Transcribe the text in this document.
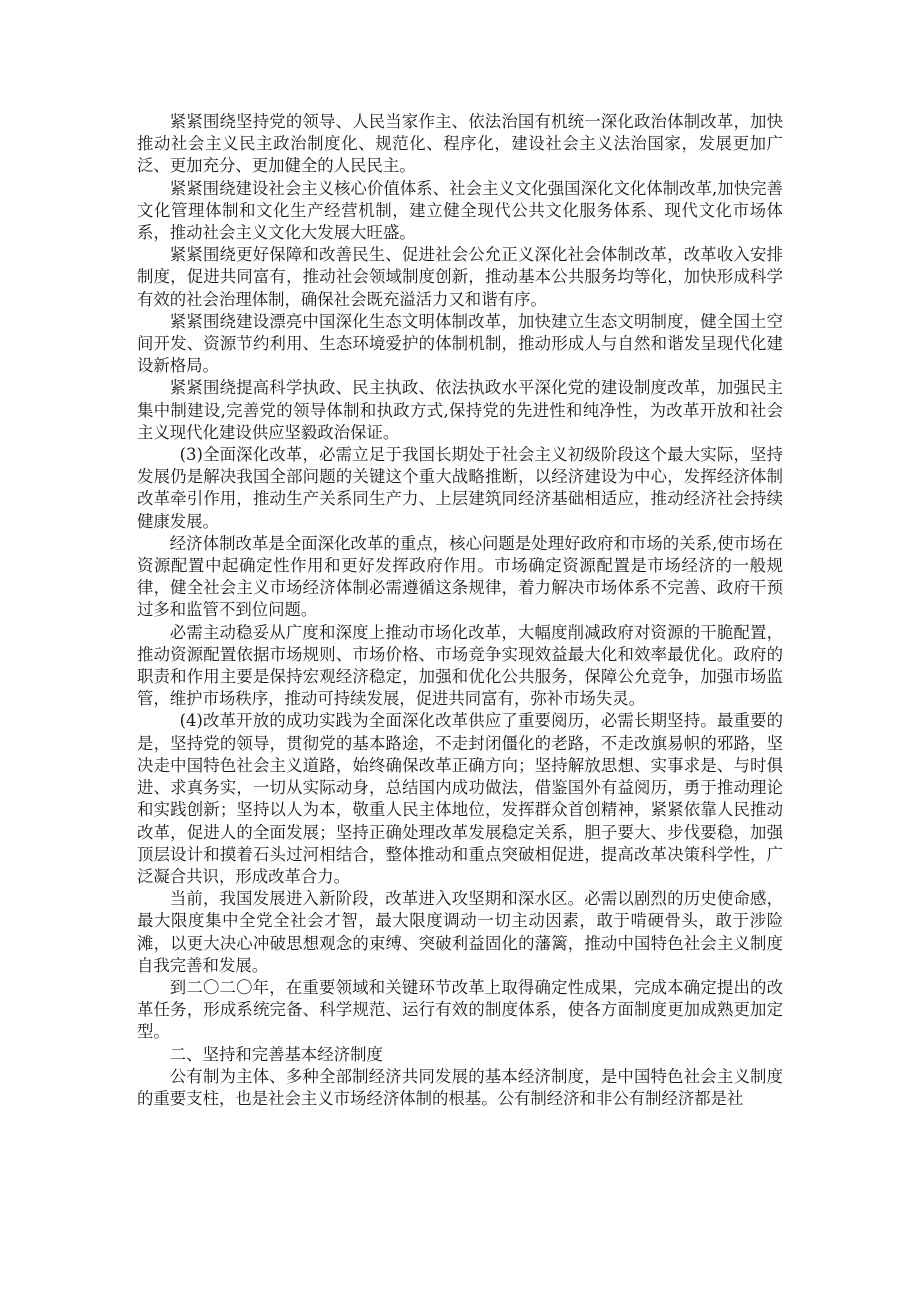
紧紧围绕坚持党的领导、人民当家作主、依法治国有机统一深化政治体制改革，加快推动社会主义民主政治制度化、规范化、程序化，建设社会主义法治国家，发展更加广泛、更加充分、更加健全的人民民主。

紧紧围绕建设社会主义核心价值体系、社会主义文化强国深化文化体制改革,加快完善文化管理体制和文化生产经营机制，建立健全现代公共文化服务体系、现代文化市场体系，推动社会主义文化大发展大旺盛。

紧紧围绕更好保障和改善民生、促进社会公允正义深化社会体制改革，改革收入安排制度，促进共同富有，推动社会领域制度创新，推动基本公共服务均等化，加快形成科学有效的社会治理体制，确保社会既充溢活力又和谐有序。

紧紧围绕建设漂亮中国深化生态文明体制改革，加快建立生态文明制度，健全国土空间开发、资源节约利用、生态环境爱护的体制机制，推动形成人与自然和谐发呈现代化建设新格局。

紧紧围绕提高科学执政、民主执政、依法执政水平深化党的建设制度改革，加强民主集中制建设,完善党的领导体制和执政方式,保持党的先进性和纯净性，为改革开放和社会主义现代化建设供应坚毅政治保证。

(3)全面深化改革，必需立足于我国长期处于社会主义初级阶段这个最大实际，坚持发展仍是解决我国全部问题的关键这个重大战略推断，以经济建设为中心，发挥经济体制改革牵引作用，推动生产关系同生产力、上层建筑同经济基础相适应，推动经济社会持续健康发展。

经济体制改革是全面深化改革的重点，核心问题是处理好政府和市场的关系,使市场在资源配置中起确定性作用和更好发挥政府作用。市场确定资源配置是市场经济的一般规律，健全社会主义市场经济体制必需遵循这条规律，着力解决市场体系不完善、政府干预过多和监管不到位问题。

必需主动稳妥从广度和深度上推动市场化改革，大幅度削减政府对资源的干脆配置，推动资源配置依据市场规则、市场价格、市场竞争实现效益最大化和效率最优化。政府的职责和作用主要是保持宏观经济稳定，加强和优化公共服务，保障公允竞争，加强市场监管，维护市场秩序，推动可持续发展，促进共同富有，弥补市场失灵。

(4)改革开放的成功实践为全面深化改革供应了重要阅历，必需长期坚持。最重要的是，坚持党的领导，贯彻党的基本路途，不走封闭僵化的老路，不走改旗易帜的邪路，坚决走中国特色社会主义道路，始终确保改革正确方向；坚持解放思想、实事求是、与时俱进、求真务实，一切从实际动身，总结国内成功做法，借鉴国外有益阅历，勇于推动理论和实践创新；坚持以人为本，敬重人民主体地位，发挥群众首创精神，紧紧依靠人民推动改革，促进人的全面发展；坚持正确处理改革发展稳定关系，胆子要大、步伐要稳，加强顶层设计和摸着石头过河相结合，整体推动和重点突破相促进，提高改革决策科学性，广泛凝合共识，形成改革合力。

当前，我国发展进入新阶段，改革进入攻坚期和深水区。必需以剧烈的历史使命感，最大限度集中全党全社会才智，最大限度调动一切主动因素，敢于啃硬骨头，敢于涉险滩，以更大决心冲破思想观念的束缚、突破利益固化的藩篱，推动中国特色社会主义制度自我完善和发展。

到二〇二〇年，在重要领域和关键环节改革上取得确定性成果，完成本确定提出的改革任务，形成系统完备、科学规范、运行有效的制度体系，使各方面制度更加成熟更加定型。

二、坚持和完善基本经济制度

公有制为主体、多种全部制经济共同发展的基本经济制度，是中国特色社会主义制度的重要支柱，也是社会主义市场经济体制的根基。公有制经济和非公有制经济都是社
